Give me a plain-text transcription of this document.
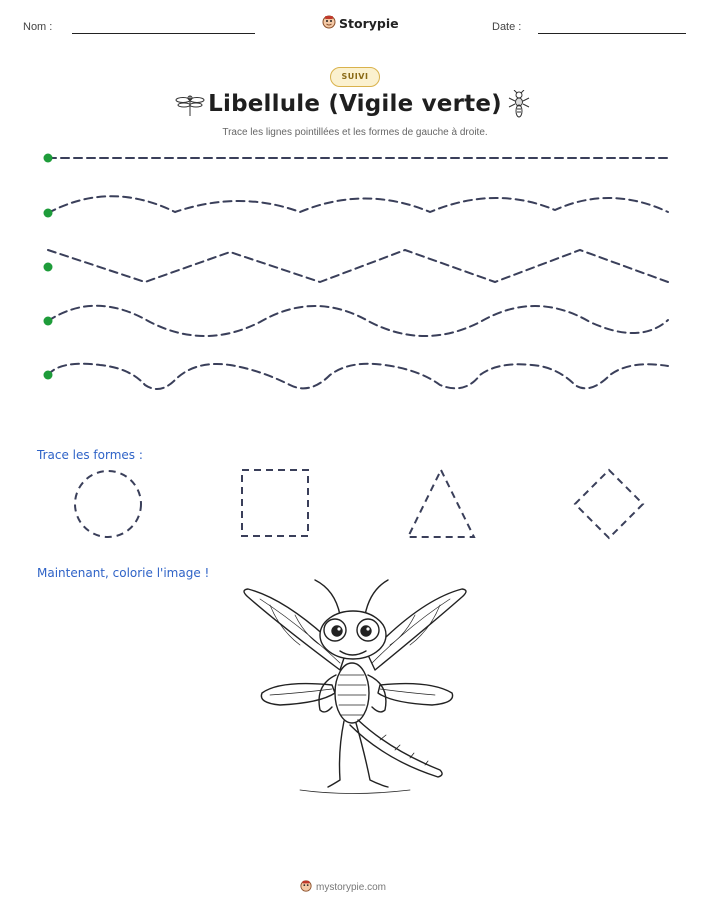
Nom :	Storypie	Date :
SUIVI
Libellule (Vigile verte)
Trace les lignes pointillées et les formes de gauche à droite.
Trace les formes :
Maintenant, colorie l'image !
mystorypie.com
